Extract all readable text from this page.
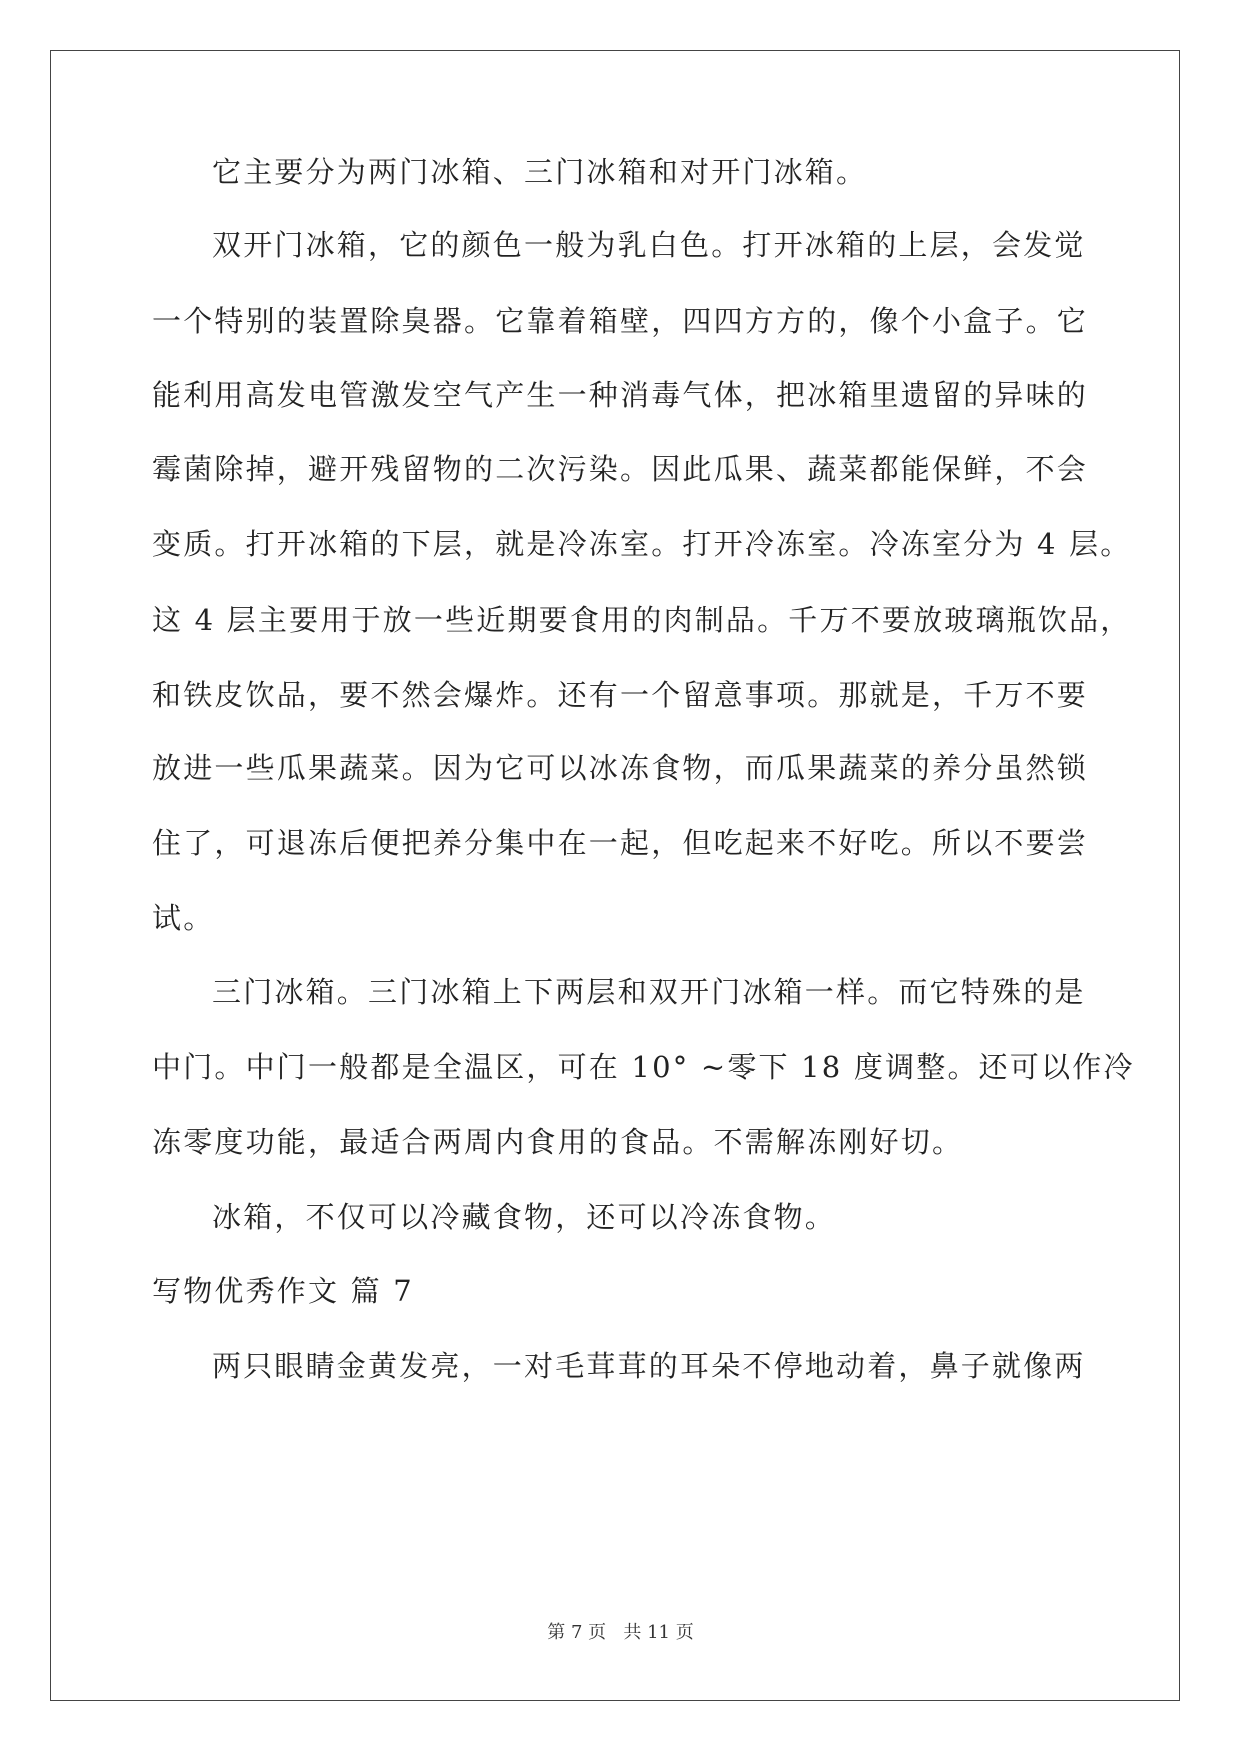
它主要分为两门冰箱、三门冰箱和对开门冰箱。
双开门冰箱，它的颜色一般为乳白色。打开冰箱的上层，会发觉
一个特别的装置除臭器。它靠着箱壁，四四方方的，像个小盒子。它
能利用高发电管激发空气产生一种消毒气体，把冰箱里遗留的异味的
霉菌除掉，避开残留物的二次污染。因此瓜果、蔬菜都能保鲜，不会
变质。打开冰箱的下层，就是冷冻室。打开冷冻室。冷冻室分为 4 层。
这 4 层主要用于放一些近期要食用的肉制品。千万不要放玻璃瓶饮品，
和铁皮饮品，要不然会爆炸。还有一个留意事项。那就是，千万不要
放进一些瓜果蔬菜。因为它可以冰冻食物，而瓜果蔬菜的养分虽然锁
住了，可退冻后便把养分集中在一起，但吃起来不好吃。所以不要尝
试。
三门冰箱。三门冰箱上下两层和双开门冰箱一样。而它特殊的是
中门。中门一般都是全温区，可在 10° ~零下 18 度调整。还可以作冷
冻零度功能，最适合两周内食用的食品。不需解冻刚好切。
冰箱，不仅可以冷藏食物，还可以冷冻食物。
写物优秀作文 篇 7
两只眼睛金黄发亮，一对毛茸茸的耳朵不停地动着，鼻子就像两
第 7 页   共 11 页
